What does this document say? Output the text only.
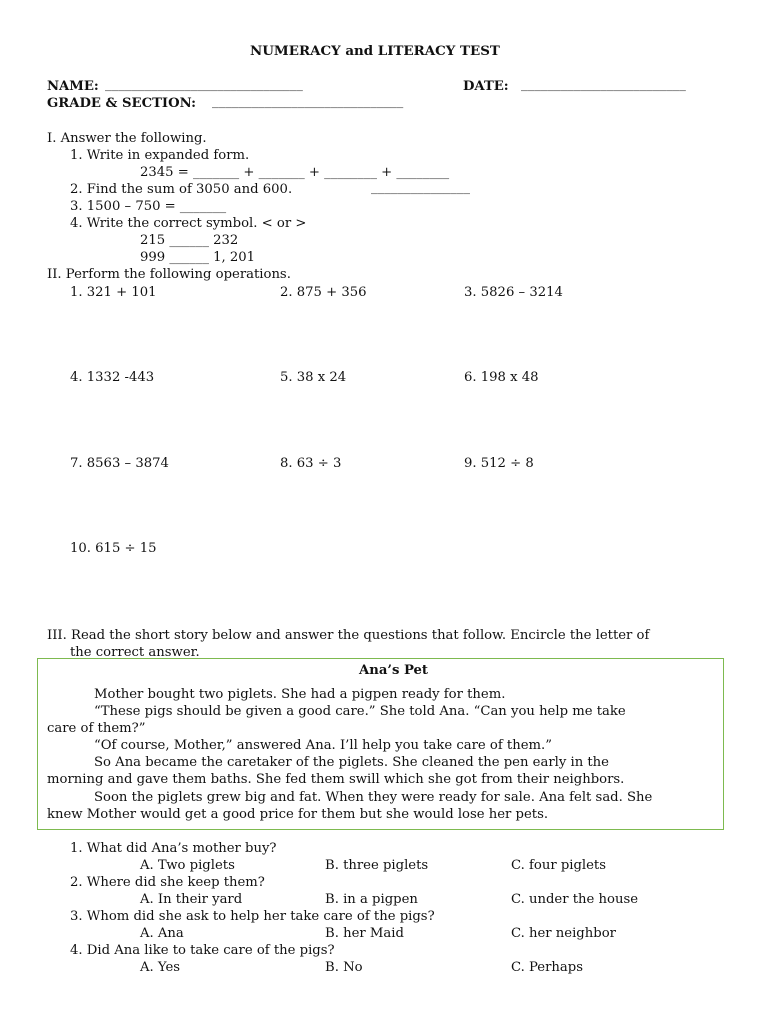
NUMERACY and LITERACY TEST
NAME: ______________________________	DATE: _________________________
GRADE & SECTION: _____________________________
I. Answer the following.
1. Write in expanded form.
2345 = _______ + _______ + ________ + ________
2. Find the sum of 3050 and 600.	_______________
3. 1500 – 750 = _______
4. Write the correct symbol. < or >
215 ______ 232
999 ______ 1, 201
II. Perform the following operations.
1. 321 + 101	2. 875 + 356	3. 5826 – 3214
4. 1332 -443	5. 38 x 24	6. 198 x 48
7. 8563 – 3874	8. 63 ÷ 3	9. 512 ÷ 8
10. 615 ÷ 15
III. Read the short story below and answer the questions that follow. Encircle the letter of
the correct answer.
Ana’s Pet
Mother bought two piglets. She had a pigpen ready for them.
“These pigs should be given a good care.” She told Ana. “Can you help me take
care of them?”
“Of course, Mother,” answered Ana. I’ll help you take care of them.”
So Ana became the caretaker of the piglets. She cleaned the pen early in the
morning and gave them baths. She fed them swill which she got from their neighbors.
Soon the piglets grew big and fat. When they were ready for sale. Ana felt sad. She
knew Mother would get a good price for them but she would lose her pets.
1. What did Ana’s mother buy?
A. Two piglets	B. three piglets	C. four piglets
2. Where did she keep them?
A. In their yard	B. in a pigpen	C. under the house
3. Whom did she ask to help her take care of the pigs?
A. Ana	B. her Maid	C. her neighbor
4. Did Ana like to take care of the pigs?
A. Yes	B. No	C. Perhaps
